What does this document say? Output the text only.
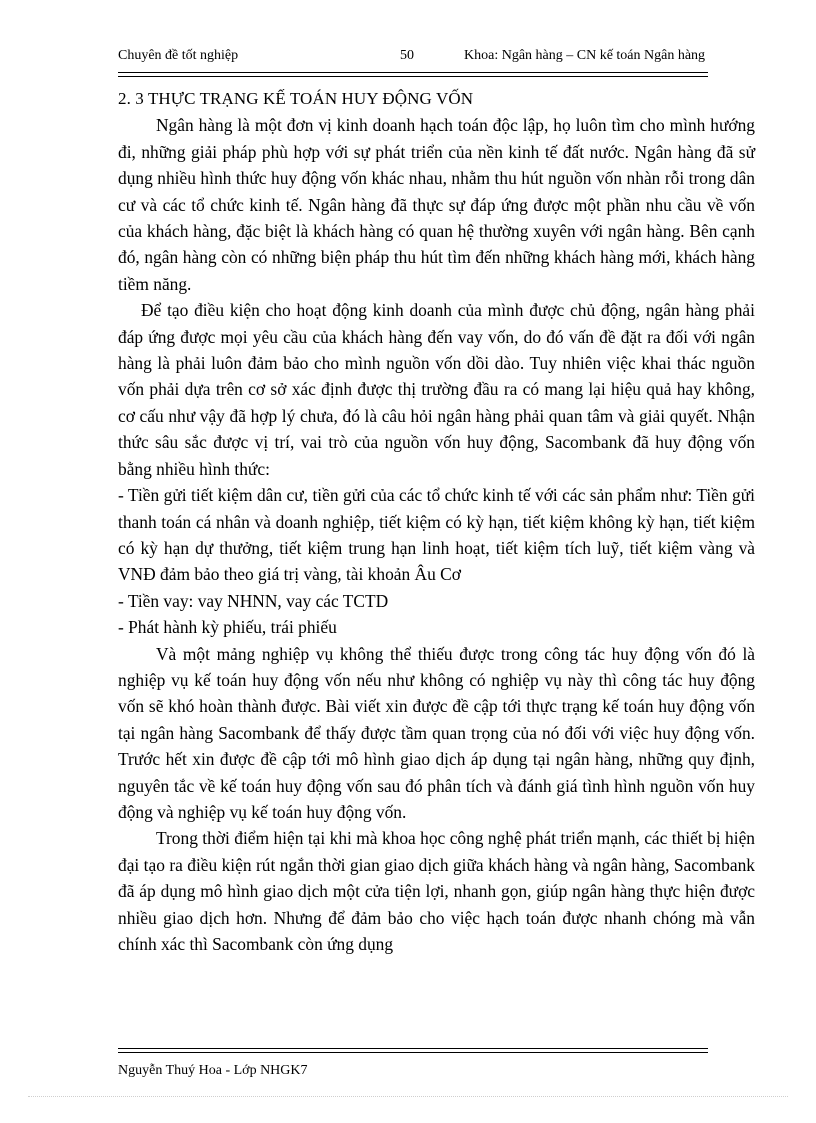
Chuyên đề tốt nghiệp	50	Khoa: Ngân hàng – CN kế toán Ngân hàng

2. 3 THỰC TRẠNG KẾ TOÁN HUY ĐỘNG VỐN

Ngân hàng là một đơn vị kinh doanh hạch toán độc lập, họ luôn tìm cho mình hướng đi, những giải pháp phù hợp với sự phát triển của nền kinh tế đất nước. Ngân hàng đã sử dụng nhiều hình thức huy động vốn khác nhau, nhằm thu hút nguồn vốn nhàn rỗi trong dân cư và các tổ chức kinh tế. Ngân hàng đã thực sự đáp ứng được một phần nhu cầu về vốn của khách hàng, đặc biệt là khách hàng có quan hệ thường xuyên với ngân hàng. Bên cạnh đó, ngân hàng còn có những biện pháp thu hút tìm đến những khách hàng mới, khách hàng tiềm năng.

Để tạo điều kiện cho hoạt động kinh doanh của mình được chủ động, ngân hàng phải đáp ứng được mọi yêu cầu của khách hàng đến vay vốn, do đó vấn đề đặt ra đối với ngân hàng là phải luôn đảm bảo cho mình nguồn vốn dồi dào. Tuy nhiên việc khai thác nguồn vốn phải dựa trên cơ sở xác định được thị trường đầu ra có mang lại hiệu quả hay không, cơ cấu như vậy đã hợp lý chưa, đó là câu hỏi ngân hàng phải quan tâm và giải quyết. Nhận thức sâu sắc được vị trí, vai trò của nguồn vốn huy động, Sacombank đã huy động vốn bằng nhiều hình thức:

- Tiền gửi tiết kiệm dân cư, tiền gửi của các tổ chức kinh tế với các sản phẩm như: Tiền gửi thanh toán cá nhân và doanh nghiệp, tiết kiệm có kỳ hạn, tiết kiệm không kỳ hạn, tiết kiệm có kỳ hạn dự thưởng, tiết kiệm trung hạn linh hoạt, tiết kiệm tích luỹ, tiết kiệm vàng và VNĐ đảm bảo theo giá trị vàng, tài khoản Âu Cơ

- Tiền vay: vay NHNN, vay các TCTD

- Phát hành kỳ phiếu, trái phiếu

Và một mảng nghiệp vụ không thể thiếu được trong công tác huy động vốn đó là nghiệp vụ kế toán huy động vốn nếu như không có nghiệp vụ này thì công tác huy động vốn sẽ khó hoàn thành được. Bài viết xin được đề cập tới thực trạng kế toán huy động vốn tại ngân hàng Sacombank để thấy được tầm quan trọng của nó đối với việc huy động vốn. Trước hết xin được đề cập tới mô hình giao dịch áp dụng tại ngân hàng, những quy định, nguyên tắc về kế toán huy động vốn sau đó phân tích và đánh giá tình hình nguồn vốn huy động và nghiệp vụ kế toán huy động vốn.

Trong thời điểm hiện tại khi mà khoa học công nghệ phát triển mạnh, các thiết bị hiện đại tạo ra điều kiện rút ngắn thời gian giao dịch giữa khách hàng và ngân hàng, Sacombank đã áp dụng mô hình giao dịch một cửa tiện lợi, nhanh gọn, giúp ngân hàng thực hiện được nhiều giao dịch hơn. Nhưng để đảm bảo cho việc hạch toán được nhanh chóng mà vẫn chính xác thì Sacombank còn ứng dụng

Nguyễn Thuý Hoa - Lớp NHGK7
